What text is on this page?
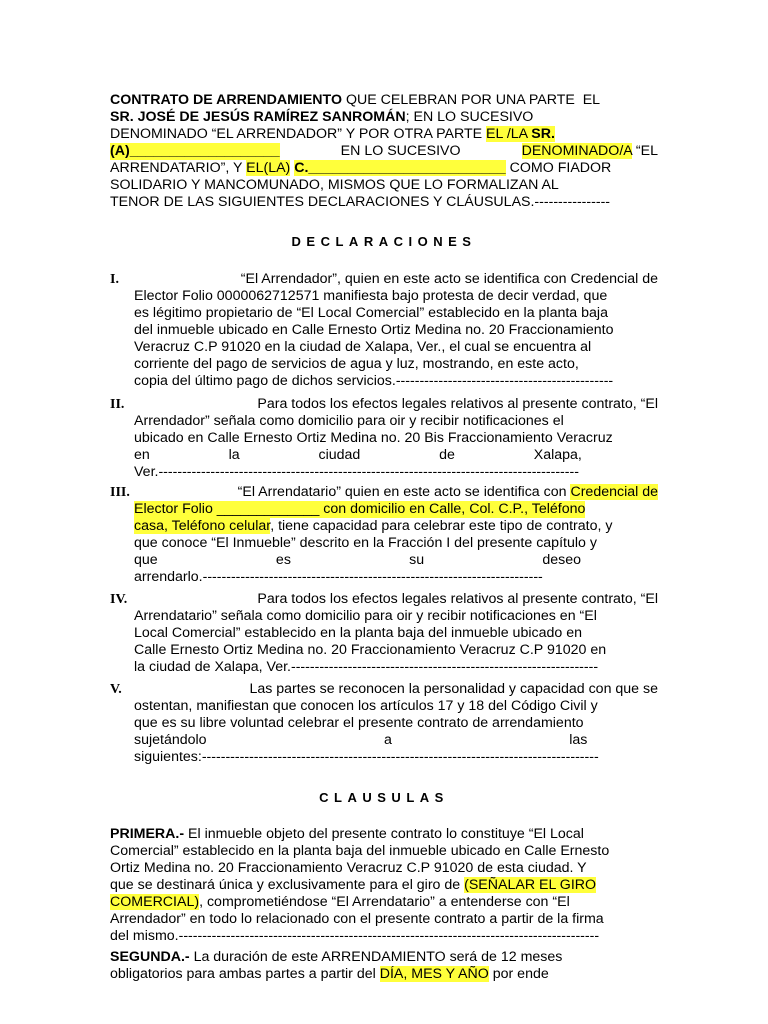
CONTRATO DE ARRENDAMIENTO QUE CELEBRAN POR UNA PARTE  EL
SR. JOSÉ DE JESÚS RAMÍREZ SANROMÁN; EN LO SUCESIVO
DENOMINADO “EL ARRENDADOR” Y POR OTRA PARTE EL /LA SR.
(A)___________________	EN LO SUCESIVO	DENOMINADO/A “EL
ARRENDATARIO”, Y EL(LA) C._________________________ COMO FIADOR
SOLIDARIO Y MANCOMUNADO, MISMOS QUE LO FORMALIZAN AL
TENOR DE LAS SIGUIENTES DECLARACIONES Y CLÁUSULAS.----------------
DECLARACIONES
I.	“El Arrendador”, quien en este acto se identifica con Credencial de
Elector Folio 0000062712571 manifiesta bajo protesta de decir verdad, que
es légitimo propietario de “El Local Comercial” establecido en la planta baja
del inmueble ubicado en Calle Ernesto Ortiz Medina no. 20 Fraccionamiento
Veracruz C.P 91020 en la ciudad de Xalapa, Ver., el cual se encuentra al
corriente del pago de servicios de agua y luz, mostrando, en este acto,
copia del último pago de dichos servicios.----------------------------------------------
II.	Para todos los efectos legales relativos al presente contrato, “El
Arrendador” señala como domicilio para oir y recibir notificaciones el
ubicado en Calle Ernesto Ortiz Medina no. 20 Bis Fraccionamiento Veracruz
en                    la                    ciudad                    de                    Xalapa,
Ver.-----------------------------------------------------------------------------------------
III.	“El Arrendatario” quien en este acto se identifica con Credencial de
Elector Folio _____________ con domicilio en Calle, Col. C.P., Teléfono
casa, Teléfono celular, tiene capacidad para celebrar este tipo de contrato, y
que conoce “El Inmueble” descrito en la Fracción I del presente capítulo y
que                              es                              su                              deseo
arrendarlo.------------------------------------------------------------------------
IV.	Para todos los efectos legales relativos al presente contrato, “El
Arrendatario” señala como domicilio para oir y recibir notificaciones en “El
Local Comercial” establecido en la planta baja del inmueble ubicado en
Calle Ernesto Ortiz Medina no. 20 Fraccionamiento Veracruz C.P 91020 en
la ciudad de Xalapa, Ver.-----------------------------------------------------------------
V.	Las partes se reconocen la personalidad y capacidad con que se
ostentan, manifiestan que conocen los artículos 17 y 18 del Código Civil y
que es su libre voluntad celebrar el presente contrato de arrendamiento
sujetándolo                                             a                                             las
siguientes:------------------------------------------------------------------------------------
CLAUSULAS
PRIMERA.- El inmueble objeto del presente contrato lo constituye “El Local
Comercial” establecido en la planta baja del inmueble ubicado en Calle Ernesto
Ortiz Medina no. 20 Fraccionamiento Veracruz C.P 91020 de esta ciudad. Y
que se destinará única y exclusivamente para el giro de (SEÑALAR EL GIRO
COMERCIAL), comprometiéndose “El Arrendatario” a entenderse con “El
Arrendador” en todo lo relacionado con el presente contrato a partir de la firma
del mismo.-----------------------------------------------------------------------------------------
SEGUNDA.- La duración de este ARRENDAMIENTO será de 12 meses
obligatorios para ambas partes a partir del DÍA, MES Y AÑO por ende
